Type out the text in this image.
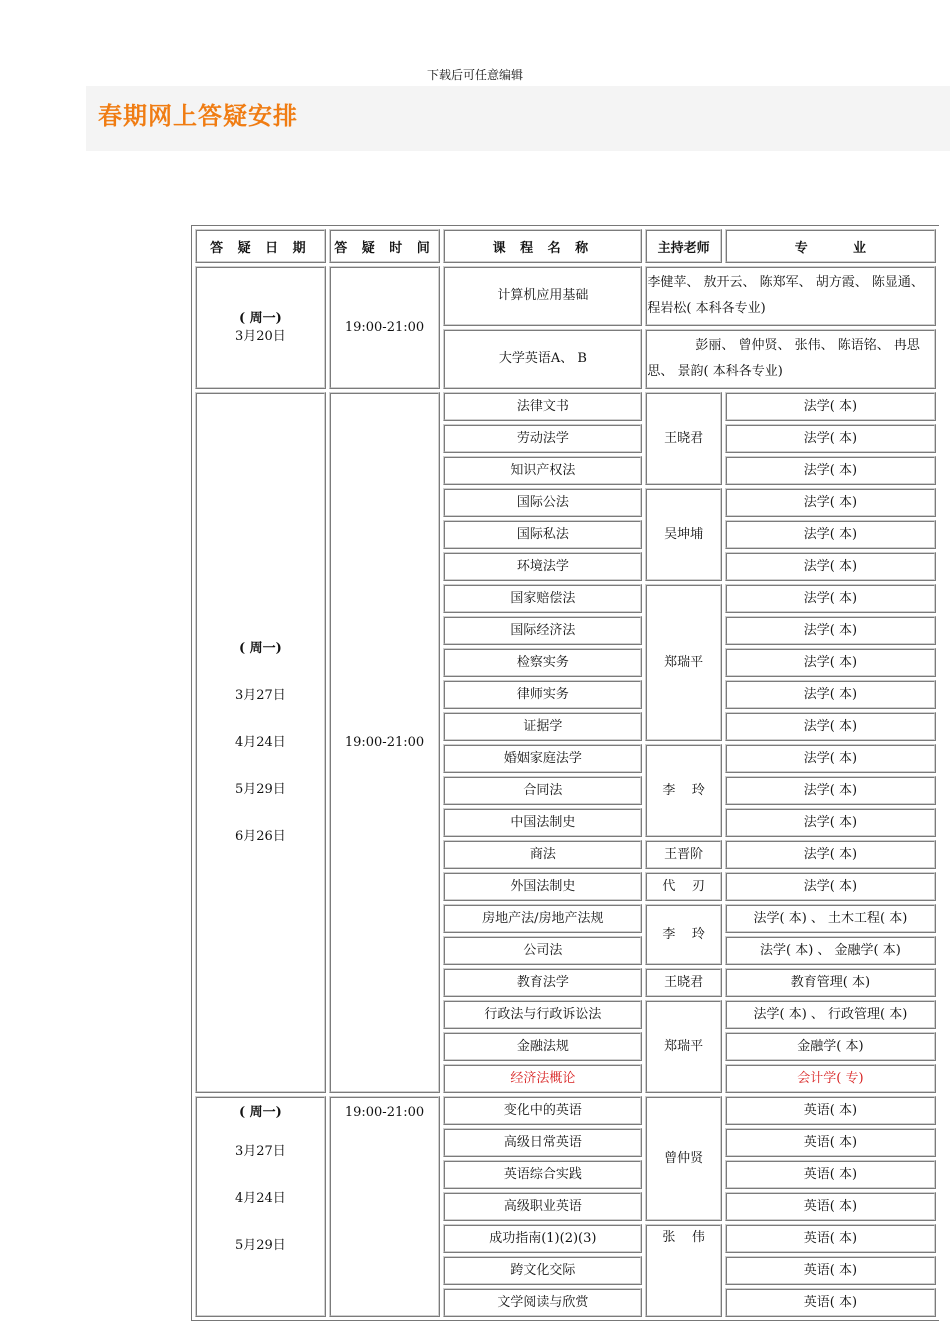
下载后可任意编辑
春期网上答疑安排
答 疑 日 期	答 疑 时 间	课 程 名 称	主持老师	专          业

( 周一)
3月20日	19:00-21:00	计算机应用基础	李健苹、 敖开云、 陈郑军、 胡方霞、 陈显通、 程岩松( 本科各专业)	
		大学英语A、 B	彭丽、 曾仲贤、 张伟、 陈语铭、 冉思思、 景韵( 本科各专业)	

( 周一)

3月27日

4月24日

5月29日

6月26日	19:00-21:00	法律文书	王晓君	法学( 本)
		劳动法学		法学( 本)
		知识产权法		法学( 本)
		国际公法	吴坤埔	法学( 本)
		国际私法		法学( 本)
		环境法学		法学( 本)
		国家赔偿法	郑瑞平	法学( 本)
		国际经济法		法学( 本)
		检察实务		法学( 本)
		律师实务		法学( 本)
		证据学		法学( 本)
		婚姻家庭法学	李    玲	法学( 本)
		合同法		法学( 本)
		中国法制史		法学( 本)
		商法	王晋阶	法学( 本)
		外国法制史	代    刃	法学( 本)
		房地产法/房地产法规	李    玲	法学( 本) 、 土木工程( 本)
		公司法		法学( 本) 、 金融学( 本)
		教育法学	王晓君	教育管理( 本)
		行政法与行政诉讼法	郑瑞平	法学( 本) 、 行政管理( 本)
		金融法规		金融学( 本)
		经济法概论		会计学( 专)

( 周一)

3月27日

4月24日

5月29日	19:00-21:00	变化中的英语	曾仲贤	英语( 本)
		高级日常英语		英语( 本)
		英语综合实践		英语( 本)
		高级职业英语		英语( 本)
		成功指南(1)(2)(3)	张    伟	英语( 本)
		跨文化交际		英语( 本)
		文学阅读与欣赏		英语( 本)
